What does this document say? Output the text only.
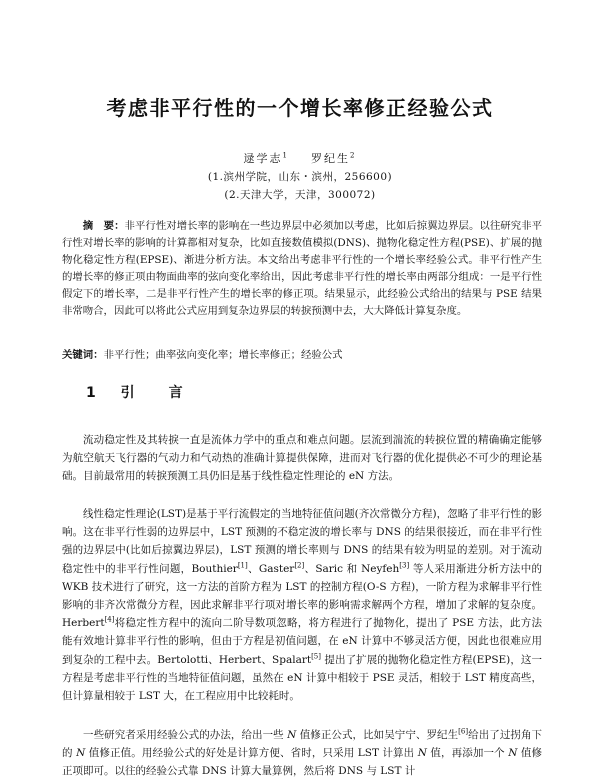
考虑非平行性的一个增长率修正经验公式
逯学志$^1$ 罗纪生$^2$
(1.滨州学院，山东・滨州，256600)
(2.天津大学，天津，300072)

摘　要：非平行性对增长率的影响在一些边界层中必须加以考虑，比如后掠翼边界层。以往研究非平行性对增长率的影响的计算都相对复杂，比如直接数值模拟(DNS)、抛物化稳定性方程(PSE)、扩展的抛物化稳定性方程(EPSE)、渐进分析方法。本文给出考虑非平行性的一个增长率经验公式。非平行性产生的增长率的修正项由物面曲率的弦向变化率给出，因此考虑非平行性的增长率由两部分组成：一是平行性假定下的增长率，二是非平行性产生的增长率的修正项。结果显示，此经验公式给出的结果与 PSE 结果非常吻合，因此可以将此公式应用到复杂边界层的转捩预测中去，大大降低计算复杂度。

关键词：非平行性；曲率弦向变化率；增长率修正；经验公式

1 引　言

流动稳定性及其转捩一直是流体力学中的重点和难点问题。层流到湍流的转捩位置的精确确定能够为航空航天飞行器的气动力和气动热的准确计算提供保障，进而对飞行器的优化提供必不可少的理论基础。目前最常用的转捩预测工具仍旧是基于线性稳定性理论的 eN 方法。

线性稳定性理论(LST)是基于平行流假定的当地特征值问题(齐次常微分方程)，忽略了非平行性的影响。这在非平行性弱的边界层中，LST 预测的不稳定波的增长率与 DNS 的结果很接近，而在非平行性强的边界层中(比如后掠翼边界层)，LST 预测的增长率则与 DNS 的结果有较为明显的差别。对于流动稳定性中的非平行性问题，Bouthier[1]、Gaster[2]、Saric 和 Neyfeh[3] 等人采用渐进分析方法中的 WKB 技术进行了研究，这一方法的首阶方程为 LST 的控制方程(O-S 方程)，一阶方程为求解非平行性影响的非齐次常微分方程，因此求解非平行项对增长率的影响需求解两个方程，增加了求解的复杂度。Herbert[4]将稳定性方程中的流向二阶导数项忽略，将方程进行了抛物化，提出了 PSE 方法，此方法能有效地计算非平行性的影响，但由于方程是初值问题，在 eN 计算中不够灵活方便，因此也很难应用到复杂的工程中去。Bertolotti、Herbert、Spalart[5] 提出了扩展的抛物化稳定性方程(EPSE)，这一方程是考虑非平行性的当地特征值问题，虽然在 eN 计算中相较于 PSE 灵活，相较于 LST 精度高些，但计算量相较于 LST 大，在工程应用中比较耗时。

一些研究者采用经验公式的办法，给出一些 N 值修正公式，比如吴宁宁、罗纪生[6]给出了过拐角下的 N 值修正值。用经验公式的好处是计算方便、省时，只采用 LST 计算出 N 值，再添加一个 N 值修正项即可。以往的经验公式靠 DNS 计算大量算例，然后将 DNS 与 LST 计
